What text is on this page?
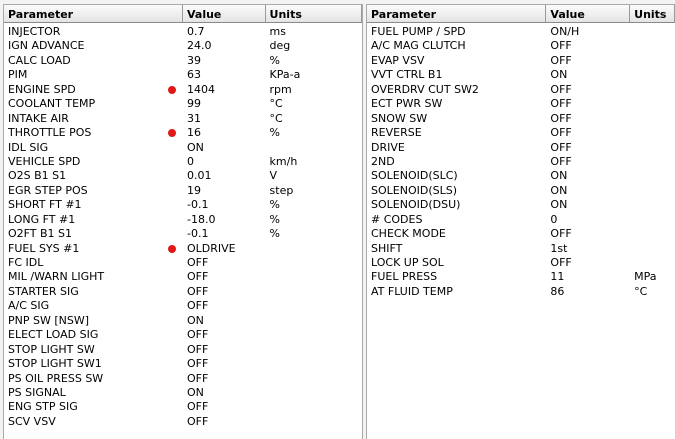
Parameter	Value	Units
INJECTOR	0.7	ms
IGN ADVANCE	24.0	deg
CALC LOAD	39	%
PIM	63	KPa-a
ENGINE SPD	1404	rpm
COOLANT TEMP	99	°C
INTAKE AIR	31	°C
THROTTLE POS	16	%
IDL SIG	ON
VEHICLE SPD	0	km/h
O2S B1 S1	0.01	V
EGR STEP POS	19	step
SHORT FT #1	-0.1	%
LONG FT #1	-18.0	%
O2FT B1 S1	-0.1	%
FUEL SYS #1	OLDRIVE
FC IDL	OFF
MIL /WARN LIGHT	OFF
STARTER SIG	OFF
A/C SIG	OFF
PNP SW [NSW]	ON
ELECT LOAD SIG	OFF
STOP LIGHT SW	OFF
STOP LIGHT SW1	OFF
PS OIL PRESS SW	OFF
PS SIGNAL	ON
ENG STP SIG	OFF
SCV VSV	OFF
Parameter	Value	Units
FUEL PUMP / SPD	ON/H
A/C MAG CLUTCH	OFF
EVAP VSV	OFF
VVT CTRL B1	ON
OVERDRV CUT SW2	OFF
ECT PWR SW	OFF
SNOW SW	OFF
REVERSE	OFF
DRIVE	OFF
2ND	OFF
SOLENOID(SLC)	ON
SOLENOID(SLS)	ON
SOLENOID(DSU)	ON
# CODES	0
CHECK MODE	OFF
SHIFT	1st
LOCK UP SOL	OFF
FUEL PRESS	11	MPa
AT FLUID TEMP	86	°C
